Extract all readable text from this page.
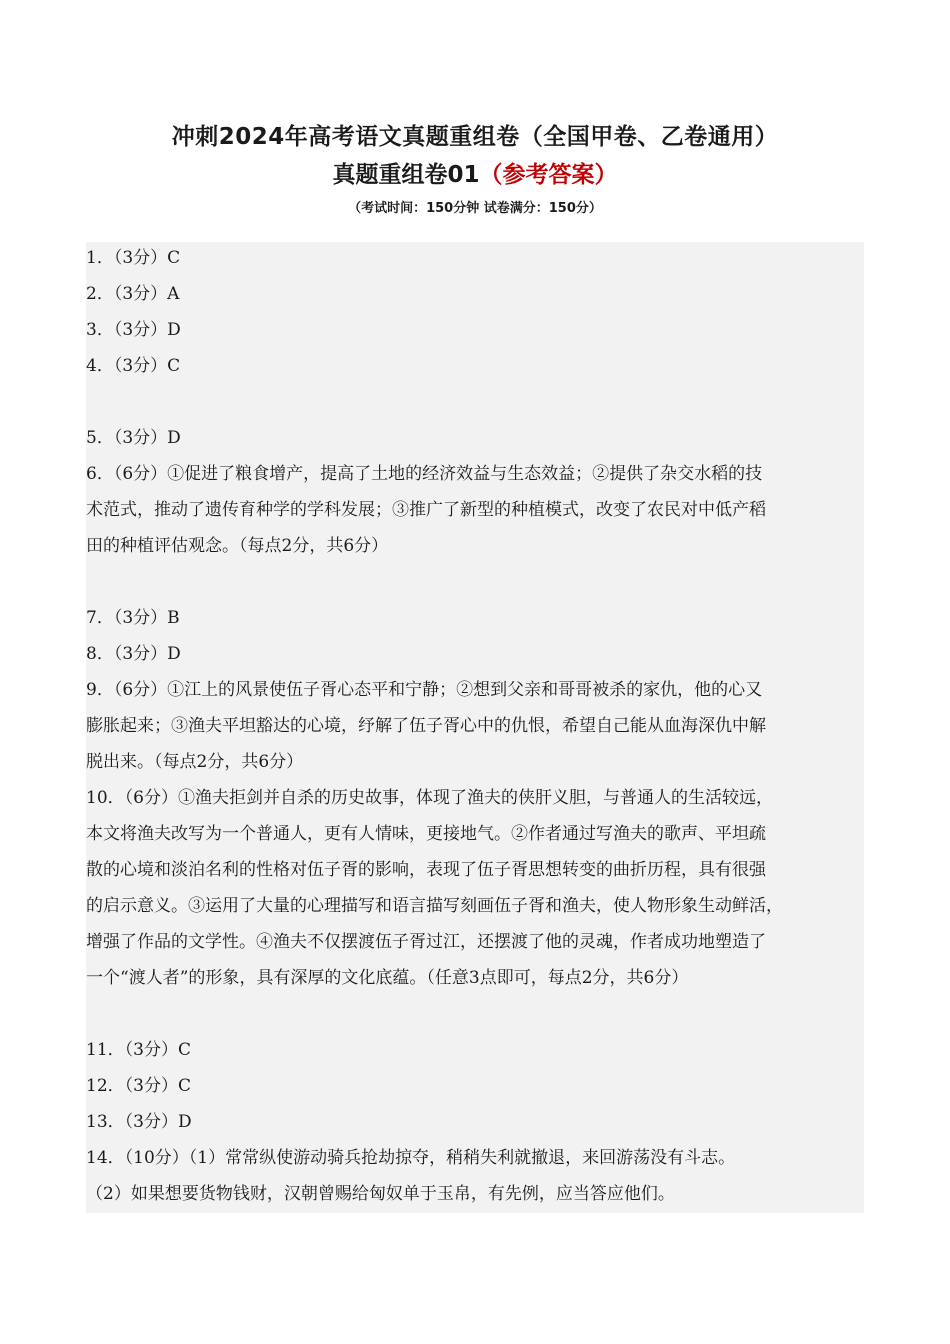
冲刺2024年高考语文真题重组卷（全国甲卷、乙卷通用）
真题重组卷01（参考答案）
（考试时间：150分钟 试卷满分：150分）
1．（3分）C
2．（3分）A
3．（3分）D
4．（3分）C
5．（3分）D
6．（6分）①促进了粮食增产，提高了土地的经济效益与生态效益；②提供了杂交水稻的技
术范式，推动了遗传育种学的学科发展；③推广了新型的种植模式，改变了农民对中低产稻
田的种植评估观念。（每点2分，共6分）
7．（3分）B
8．（3分）D
9．（6分）①江上的风景使伍子胥心态平和宁静；②想到父亲和哥哥被杀的家仇，他的心又
膨胀起来；③渔夫平坦豁达的心境，纾解了伍子胥心中的仇恨，希望自己能从血海深仇中解
脱出来。（每点2分，共6分）
10．（6分）①渔夫拒剑并自杀的历史故事，体现了渔夫的侠肝义胆，与普通人的生活较远，
本文将渔夫改写为一个普通人，更有人情味，更接地气。②作者通过写渔夫的歌声、平坦疏
散的心境和淡泊名利的性格对伍子胥的影响，表现了伍子胥思想转变的曲折历程，具有很强
的启示意义。③运用了大量的心理描写和语言描写刻画伍子胥和渔夫，使人物形象生动鲜活，
增强了作品的文学性。④渔夫不仅摆渡伍子胥过江，还摆渡了他的灵魂，作者成功地塑造了
一个“渡人者”的形象，具有深厚的文化底蕴。（任意3点即可，每点2分，共6分）
11．（3分）C
12．（3分）C
13．（3分）D
14．（10分）（1）常常纵使游动骑兵抢劫掠夺，稍稍失利就撤退，来回游荡没有斗志。
（2）如果想要货物钱财，汉朝曾赐给匈奴单于玉帛，有先例，应当答应他们。
